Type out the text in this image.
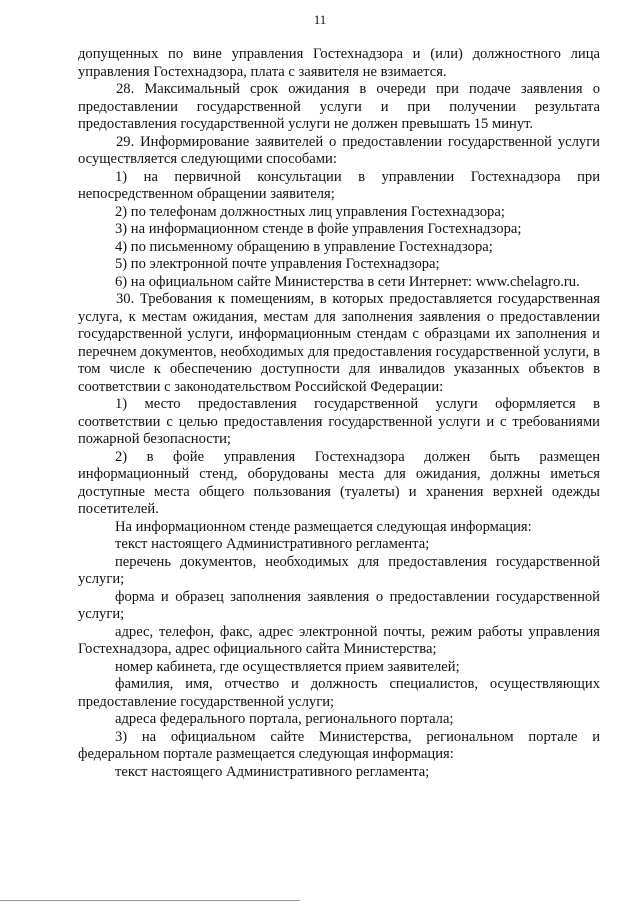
11

допущенных по вине управления Гостехнадзора и (или) должностного лица управления Гостехнадзора, плата с заявителя не взимается.

28. Максимальный срок ожидания в очереди при подаче заявления о предоставлении государственной услуги и при получении результата предоставления государственной услуги не должен превышать 15 минут.

29. Информирование заявителей о предоставлении государственной услуги осуществляется следующими способами:

1) на первичной консультации в управлении Гостехнадзора при непосредственном обращении заявителя;

2) по телефонам должностных лиц управления Гостехнадзора;

3) на информационном стенде в фойе управления Гостехнадзора;

4) по письменному обращению в управление Гостехнадзора;

5) по электронной почте управления Гостехнадзора;

6) на официальном сайте Министерства в сети Интернет: www.chelagro.ru.

30. Требования к помещениям, в которых предоставляется государственная услуга, к местам ожидания, местам для заполнения заявления о предоставлении государственной услуги, информационным стендам с образцами их заполнения и перечнем документов, необходимых для предоставления государственной услуги, в том числе к обеспечению доступности для инвалидов указанных объектов в соответствии с законодательством Российской Федерации:

1) место предоставления государственной услуги оформляется в соответствии с целью предоставления государственной услуги и с требованиями пожарной безопасности;

2) в фойе управления Гостехнадзора должен быть размещен информационный стенд, оборудованы места для ожидания, должны иметься доступные места общего пользования (туалеты) и хранения верхней одежды посетителей.

На информационном стенде размещается следующая информация:

текст настоящего Административного регламента;

перечень документов, необходимых для предоставления государственной услуги;

форма и образец заполнения заявления о предоставлении государственной услуги;

адрес, телефон, факс, адрес электронной почты, режим работы управления Гостехнадзора, адрес официального сайта Министерства;

номер кабинета, где осуществляется прием заявителей;

фамилия, имя, отчество и должность специалистов, осуществляющих предоставление государственной услуги;

адреса федерального портала, регионального портала;

3) на официальном сайте Министерства, региональном портале и федеральном портале размещается следующая информация:

текст настоящего Административного регламента;
